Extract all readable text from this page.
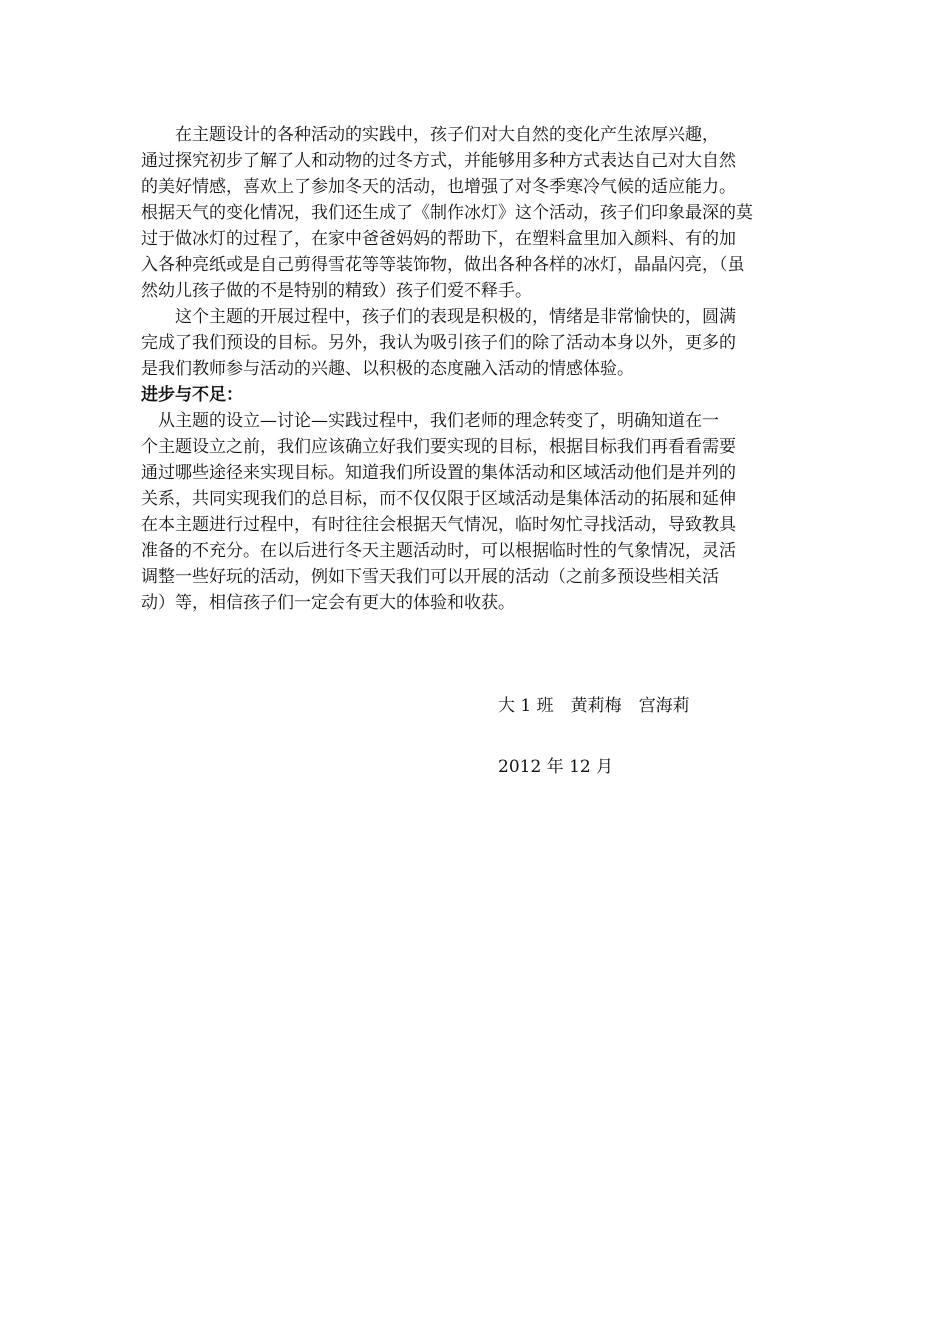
　　在主题设计的各种活动的实践中，孩子们对大自然的变化产生浓厚兴趣，
通过探究初步了解了人和动物的过冬方式，并能够用多种方式表达自己对大自然
的美好情感，喜欢上了参加冬天的活动，也增强了对冬季寒冷气候的适应能力。
根据天气的变化情况，我们还生成了《制作冰灯》这个活动，孩子们印象最深的莫
过于做冰灯的过程了，在家中爸爸妈妈的帮助下，在塑料盒里加入颜料、有的加
入各种亮纸或是自己剪得雪花等等装饰物，做出各种各样的冰灯，晶晶闪亮，（虽
然幼儿孩子做的不是特别的精致）孩子们爱不释手。
　　这个主题的开展过程中，孩子们的表现是积极的，情绪是非常愉快的，圆满
完成了我们预设的目标。另外，我认为吸引孩子们的除了活动本身以外，更多的
是我们教师参与活动的兴趣、以积极的态度融入活动的情感体验。
进步与不足：
　从主题的设立—讨论—实践过程中，我们老师的理念转变了，明确知道在一
个主题设立之前，我们应该确立好我们要实现的目标，根据目标我们再看看需要
通过哪些途径来实现目标。知道我们所设置的集体活动和区域活动他们是并列的
关系，共同实现我们的总目标，而不仅仅限于区域活动是集体活动的拓展和延伸
在本主题进行过程中，有时往往会根据天气情况，临时匆忙寻找活动，导致教具
准备的不充分。在以后进行冬天主题活动时，可以根据临时性的气象情况，灵活
调整一些好玩的活动，例如下雪天我们可以开展的活动（之前多预设些相关活
动）等，相信孩子们一定会有更大的体验和收获。
大 1 班　黄莉梅　宫海莉
2012 年 12 月
